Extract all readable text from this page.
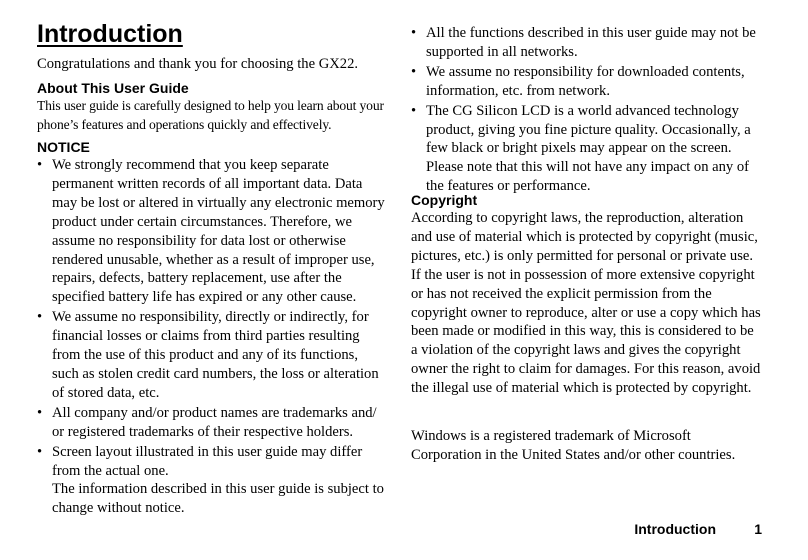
Introduction
Congratulations and thank you for choosing the GX22.
About This User Guide
This user guide is carefully designed to help you learn about your phone’s features and operations quickly and effectively.
NOTICE
• We strongly recommend that you keep separate permanent written records of all important data. Data may be lost or altered in virtually any electronic memory product under certain circumstances. Therefore, we assume no responsibility for data lost or otherwise rendered unusable, whether as a result of improper use, repairs, defects, battery replacement, use after the specified battery life has expired or any other cause.
• We assume no responsibility, directly or indirectly, for financial losses or claims from third parties resulting from the use of this product and any of its functions, such as stolen credit card numbers, the loss or alteration of stored data, etc.
• All company and/or product names are trademarks and/ or registered trademarks of their respective holders.
• Screen layout illustrated in this user guide may differ from the actual one.
The information described in this user guide is subject to change without notice.
• All the functions described in this user guide may not be supported in all networks.
• We assume no responsibility for downloaded contents, information, etc. from network.
• The CG Silicon LCD is a world advanced technology product, giving you fine picture quality. Occasionally, a few black or bright pixels may appear on the screen. Please note that this will not have any impact on any of the features or performance.
Copyright
According to copyright laws, the reproduction, alteration and use of material which is protected by copyright (music, pictures, etc.) is only permitted for personal or private use. If the user is not in possession of more extensive copyright or has not received the explicit permission from the copyright owner to reproduce, alter or use a copy which has been made or modified in this way, this is considered to be a violation of the copyright laws and gives the copyright owner the right to claim for damages. For this reason, avoid the illegal use of material which is protected by copyright.
Windows is a registered trademark of Microsoft Corporation in the United States and/or other countries.
Introduction	1
